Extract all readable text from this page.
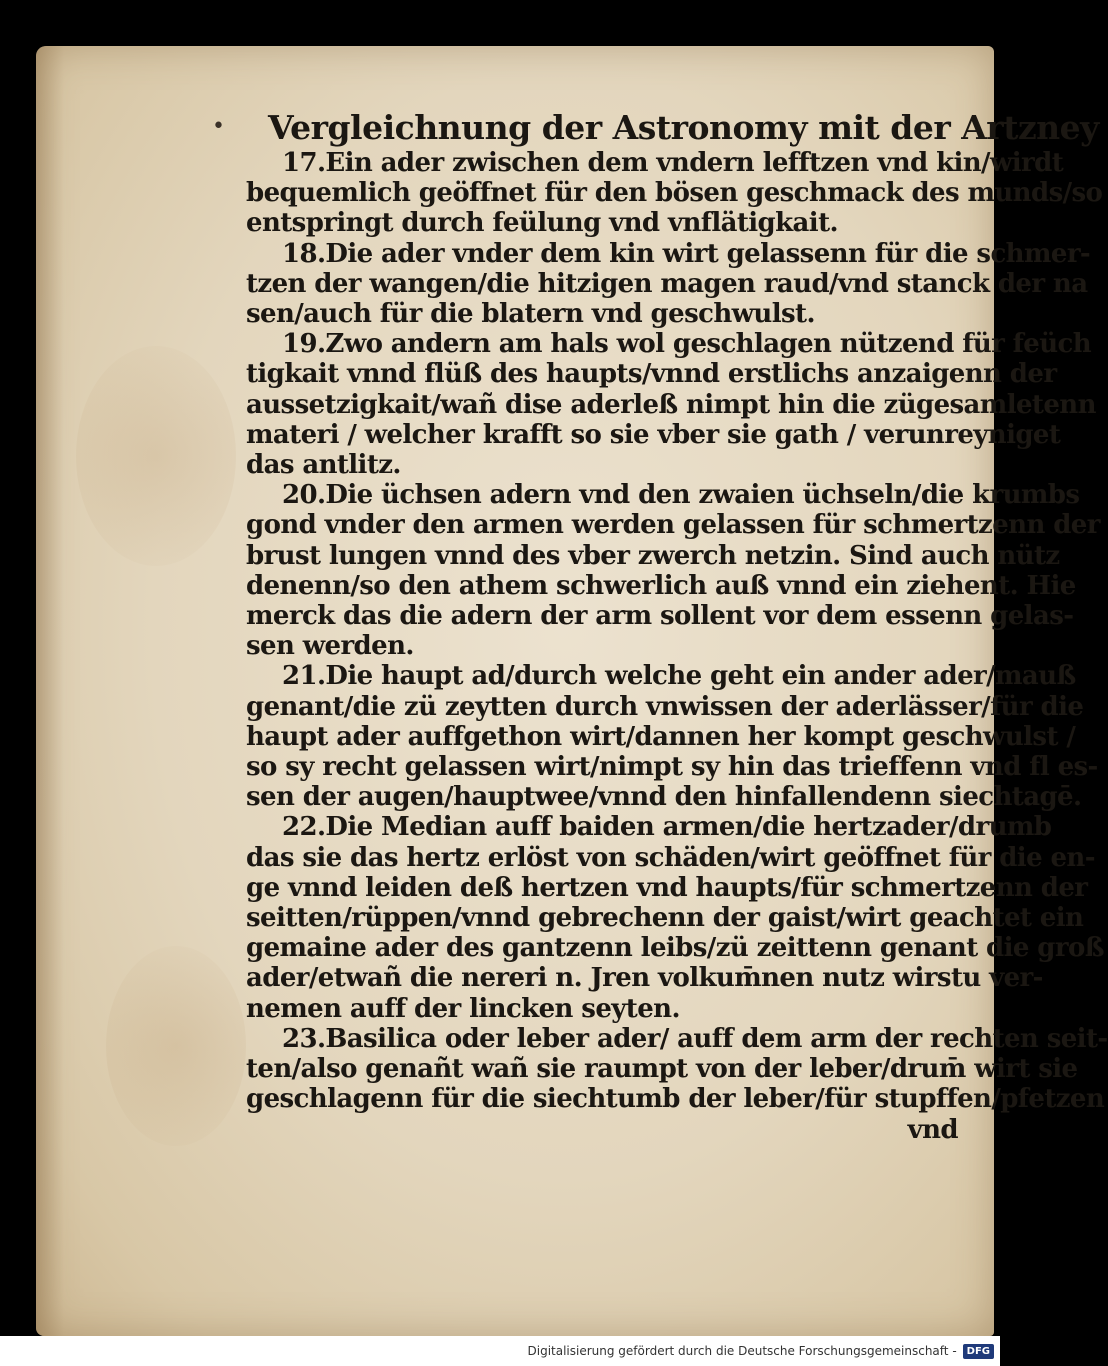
• Vergleichnung der Astronomy mit der Artzney
17.Ein ader zwischen dem vndern lefftzen vnd kin/wirdt
bequemlich geöffnet für den bösen geschmack des munds/so
entspringt durch feülung vnd vnflätigkait.
18.Die ader vnder dem kin wirt gelassenn für die schmer-
tzen der wangen/die hitzigen magen raud/vnd stanck der na
sen/auch für die blatern vnd geschwulst.
19.Zwo andern am hals wol geschlagen nützend für feüch
tigkait vnnd flüß des haupts/vnnd erstlichs anzaigenn der
aussetzigkait/wañ dise aderleß nimpt hin die zügesamletenn
materi / welcher krafft so sie vber sie gath / verunreyniget
das antlitz.
20.Die üchsen adern vnd den zwaien üchseln/die krumbs
gond vnder den armen werden gelassen für schmertzenn der
brust lungen vnnd des vber zwerch netzin. Sind auch nütz
denenn/so den athem schwerlich auß vnnd ein ziehent. Hie
merck das die adern der arm sollent vor dem essenn gelas-
sen werden.
21.Die haupt ad/durch welche geht ein ander ader/mauß
genant/die zü zeytten durch vnwissen der aderlässer/für die
haupt ader auffgethon wirt/dannen her kompt geschwulst /
so sy recht gelassen wirt/nimpt sy hin das trieffenn vnd fl es-
sen der augen/hauptwee/vnnd den hinfallendenn siechtagē.
22.Die Median auff baiden armen/die hertzader/drumb
das sie das hertz erlöst von schäden/wirt geöffnet für die en-
ge vnnd leiden deß hertzen vnd haupts/für schmertzenn der
seitten/rüppen/vnnd gebrechenn der gaist/wirt geachtet ein
gemaine ader des gantzenn leibs/zü zeittenn genant die groß
ader/etwañ die nereri n. Jren volkum̄nen nutz wirstu ver-
nemen auff der lincken seyten.
23.Basilica oder leber ader/ auff dem arm der rechten seit-
ten/also genañt wañ sie raumpt von der leber/drum̄ wirt sie
geschlagenn für die siechtumb der leber/für stupffen/pfetzen
vnd
Digitalisierung gefördert durch die Deutsche Forschungsgemeinschaft -	DFG
